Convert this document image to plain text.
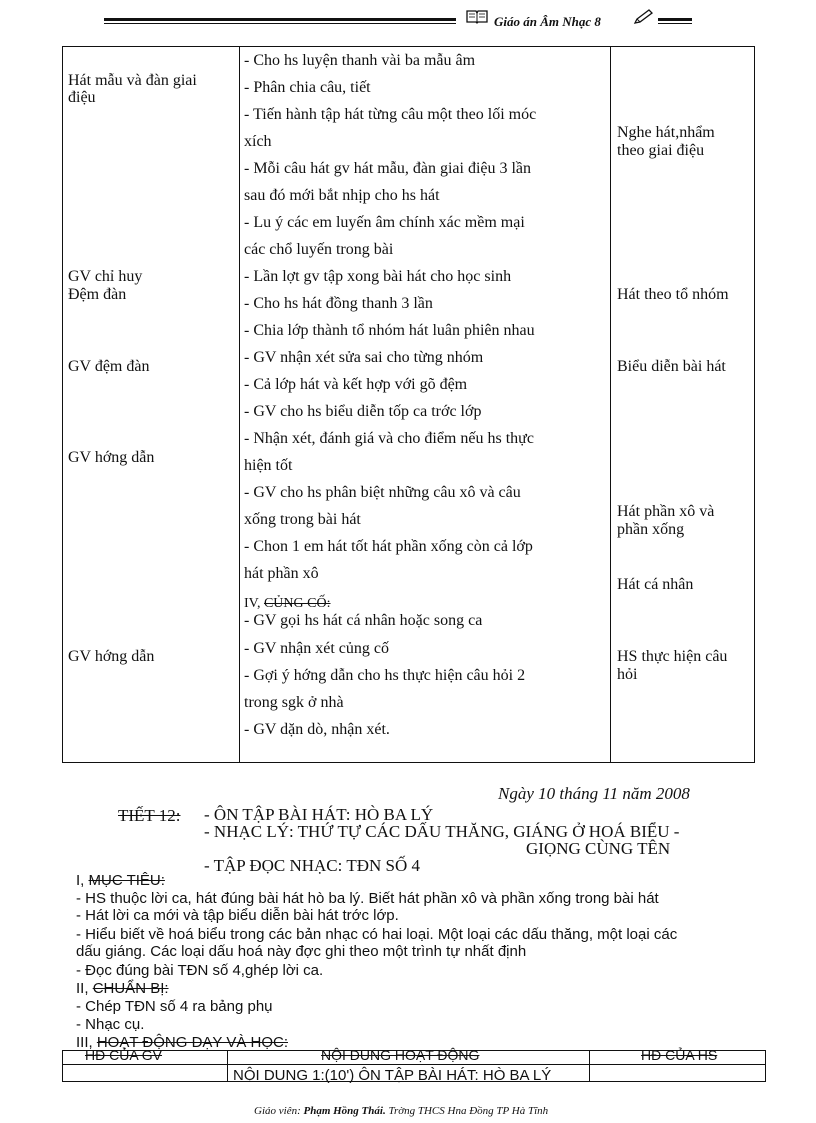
Giáo án Âm Nhạc 8
Hát mẫu và đàn giai
điệu
GV chỉ huy
Đệm đàn
GV đệm đàn
GV hớng dẫn
GV hớng dẫn
- Cho hs luyện thanh vài ba mẫu âm
- Phân chia câu, tiết
- Tiến hành tập hát từng câu một theo lối móc
xích
- Mỗi câu hát gv hát mẫu, đàn giai điệu 3 lần
sau đó mới bắt nhịp cho hs hát
- Lu ý các em luyến âm chính xác mềm mại
các chổ luyến trong bài
- Lần lợt gv tập xong bài hát cho học sinh
- Cho hs hát đồng thanh 3 lần
- Chia lớp thành tổ nhóm hát luân phiên nhau
- GV nhận xét sửa sai cho từng nhóm
- Cả lớp hát và kết hợp với gõ đệm
- GV cho hs biểu diễn tốp ca trớc lớp
- Nhận xét, đánh giá và cho điểm nếu hs thực
hiện tốt
- GV cho hs phân biệt những câu xô và câu
xống trong bài hát
- Chon 1 em hát tốt hát phần xống còn cả lớp
hát phần xô
IV, CỦNG CỐ:
- GV gọi hs hát cá nhân hoặc song ca
- GV nhận xét củng cố
- Gợi ý hớng dẫn cho hs thực hiện câu hỏi 2
trong sgk ở nhà
- GV dặn dò, nhận xét.
Nghe hát,nhẩm
theo giai điệu
Hát theo tổ nhóm
Biểu diễn bài hát
Hát phần xô và
phần xống
Hát cá nhân
HS thực hiện câu
hỏi
Ngày 10 tháng 11 năm 2008
TIẾT 12: - ÔN TẬP BÀI HÁT: HÒ BA LÝ
- NHẠC LÝ: THỨ TỰ CÁC DẤU THĂNG, GIÁNG Ở HOÁ BIỂU -
GIỌNG CÙNG TÊN
- TẬP ĐỌC NHẠC: TĐN SỐ 4
I, MỤC TIÊU:
- HS thuộc lời ca, hát đúng bài hát hò ba lý. Biết hát phần xô và phần xống trong bài hát
- Hát lời ca mới và tập biểu diễn bài hát trớc lớp.
- Hiểu biết về hoá biểu trong các bản nhạc có hai loại. Một loại các dấu thăng, một loại các
dấu giáng. Các loại dấu hoá này đợc ghi theo một trình tự nhất định
- Đọc đúng bài TĐN số 4,ghép lời ca.
II, CHUẨN BỊ:
- Chép TĐN số 4 ra bảng phụ
- Nhạc cụ.
III, HOẠT ĐỘNG DẠY VÀ HỌC:
HĐ CỦA GV	NỘI DUNG HOẠT ĐỘNG	HĐ CỦA HS
NỘI DUNG 1:(10') ÔN TẬP BÀI HÁT: HÒ BA LÝ
Giáo viên: Phạm Hồng Thái. Trờng THCS Hna Đồng TP Hà Tĩnh
